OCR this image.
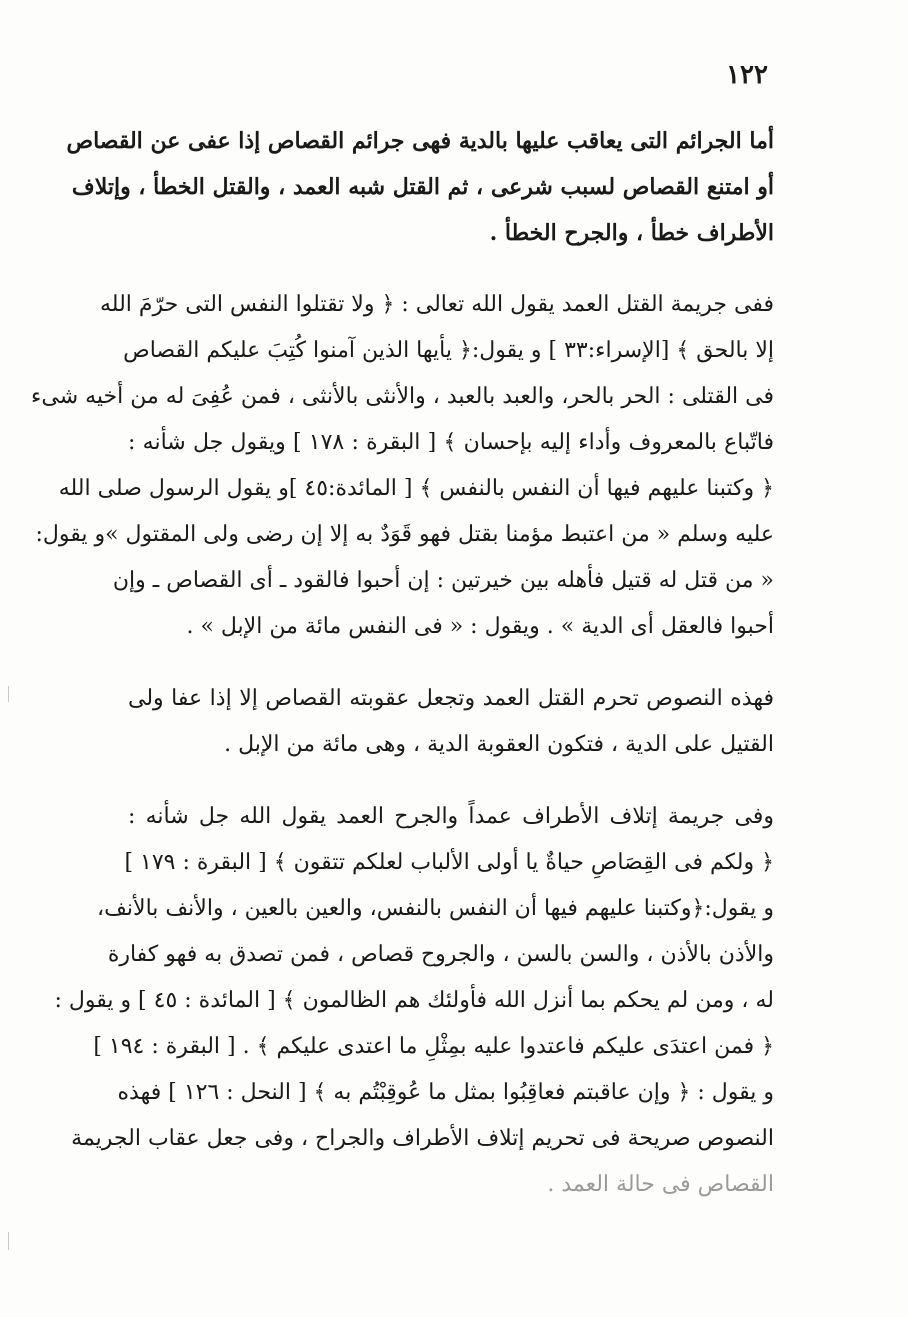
١٢٢

أما الجرائم التى يعاقب عليها بالدية فهى جرائم القصاص إذا عفى عن القصاص
أو امتنع القصاص لسبب شرعى ، ثم القتل شبه العمد ، والقتل الخطأ ، وإتلاف
الأطراف خطأ ، والجرح الخطأ .

ففى جريمة القتل العمد يقول الله تعالى : ﴿ ولا تقتلوا النفس التى حرّمَ الله
إلا بالحق ﴾ [الإسراء:٣٣ ] و يقول:﴿ يأيها الذين آمنوا كُتِبَ عليكم القصاص
فى القتلى : الحر بالحر، والعبد بالعبد ، والأنثى بالأنثى ، فمن عُفِىَ له من أخيه شىء
فاتّباع بالمعروف وأداء إليه بإحسان ﴾ [ البقرة : ١٧٨ ] ويقول جل شأنه :
﴿ وكتبنا عليهم فيها أن النفس بالنفس ﴾ [ المائدة:٤٥ ]و يقول الرسول صلى الله
عليه وسلم « من اعتبط مؤمنا بقتل فهو قَوَدٌ به إلا إن رضى ولى المقتول »و يقول:
« من قتل له قتيل فأهله بين خيرتين : إن أحبوا فالقود ـ أى القصاص ـ وإن
أحبوا فالعقل أى الدية » . ويقول : « فى النفس مائة من الإبل » .

فهذه النصوص تحرم القتل العمد وتجعل عقوبته القصاص إلا إذا عفا ولى
القتيل على الدية ، فتكون العقوبة الدية ، وهى مائة من الإبل .

وفى جريمة إتلاف الأطراف عمداً والجرح العمد يقول الله جل شأنه :
﴿ ولكم فى القِصَاصِ حياةٌ يا أولى الألباب لعلكم تتقون ﴾ [ البقرة : ١٧٩ ]
و يقول:﴿وكتبنا عليهم فيها أن النفس بالنفس، والعين بالعين ، والأنف بالأنف،
والأذن بالأذن ، والسن بالسن ، والجروح قصاص ، فمن تصدق به فهو كفارة
له ، ومن لم يحكم بما أنزل الله فأولئك هم الظالمون ﴾ [ المائدة : ٤٥ ] و يقول :
﴿ فمن اعتدَى عليكم فاعتدوا عليه بمِثْلِ ما اعتدى عليكم ﴾ . [ البقرة : ١٩٤ ]
و يقول : ﴿ وإن عاقبتم فعاقِبُوا بمثل ما عُوقِبْتُم به ﴾ [ النحل : ١٢٦ ] فهذه
النصوص صريحة فى تحريم إتلاف الأطراف والجراح ، وفى جعل عقاب الجريمة
القصاص فى حالة العمد .
